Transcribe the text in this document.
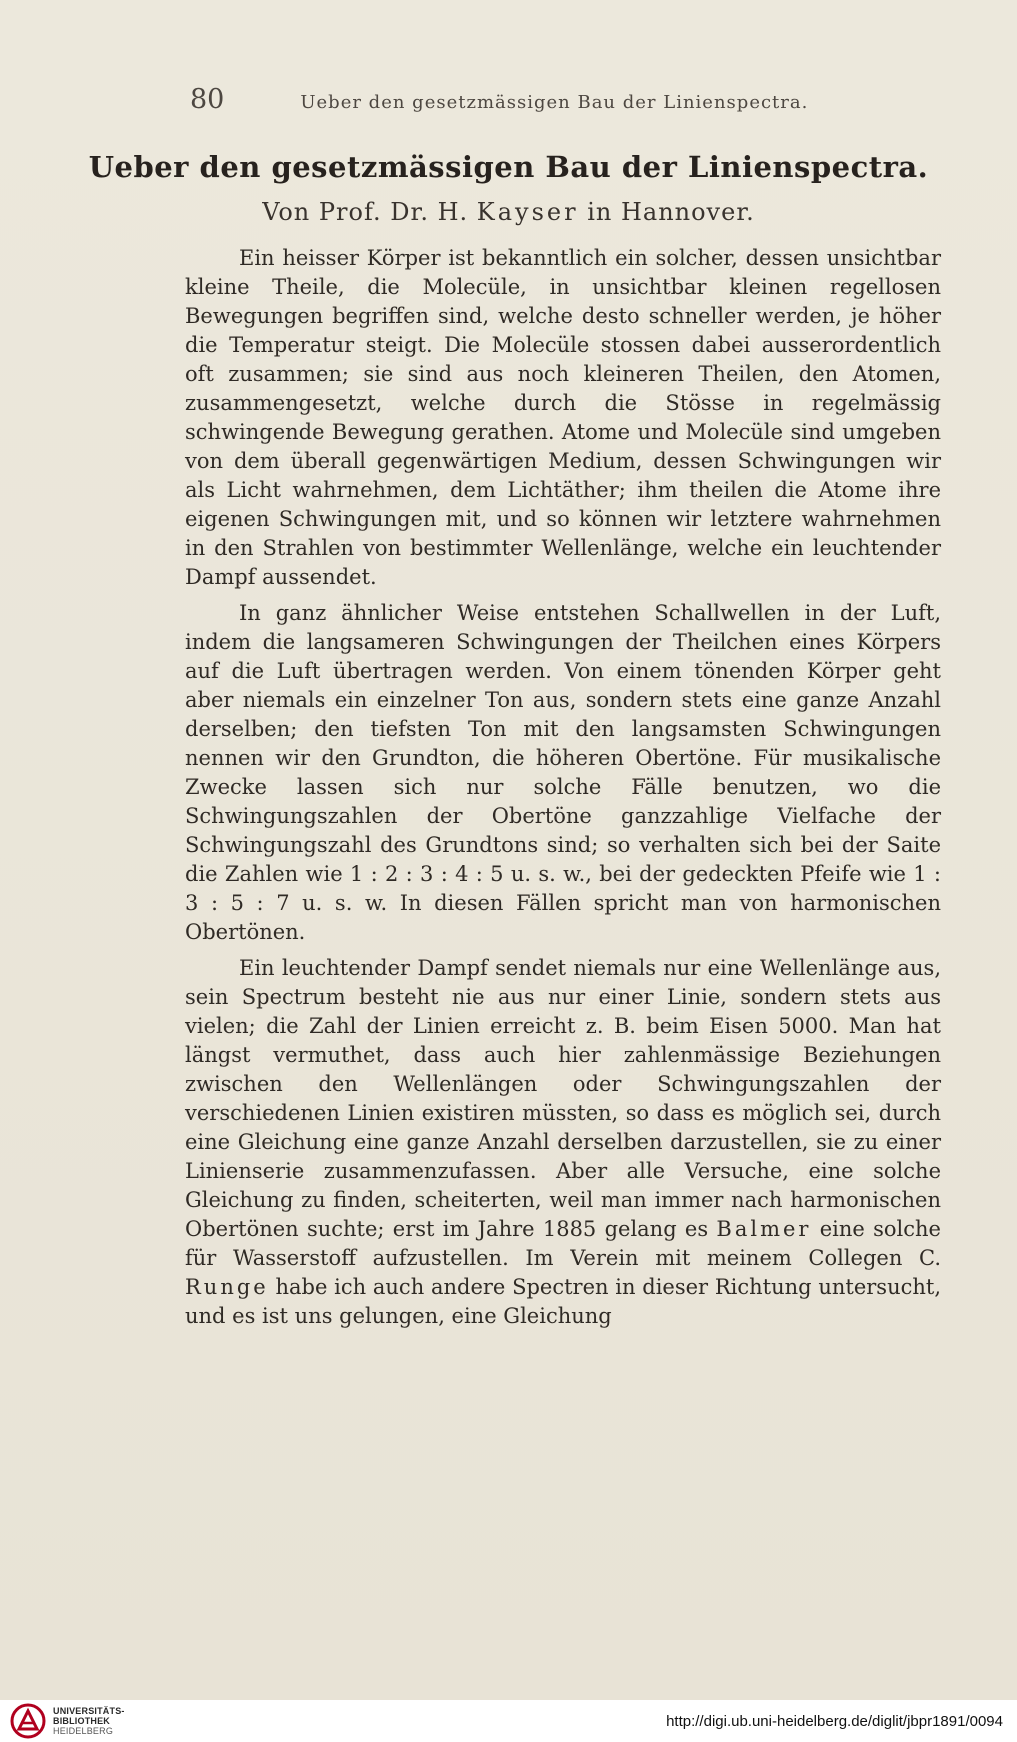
80	Ueber den gesetzmässigen Bau der Linienspectra.
Ueber den gesetzmässigen Bau der Linienspectra.
Von Prof. Dr. H. Kayser in Hannover.

Ein heisser Körper ist bekanntlich ein solcher, dessen unsichtbar kleine Theile, die Molecüle, in unsichtbar kleinen regellosen Bewegungen begriffen sind, welche desto schneller werden, je höher die Temperatur steigt. Die Molecüle stossen dabei ausserordentlich oft zusammen; sie sind aus noch kleineren Theilen, den Atomen, zusammengesetzt, welche durch die Stösse in regelmässig schwingende Bewegung gerathen. Atome und Molecüle sind umgeben von dem überall gegenwärtigen Medium, dessen Schwingungen wir als Licht wahrnehmen, dem Lichtäther; ihm theilen die Atome ihre eigenen Schwingungen mit, und so können wir letztere wahrnehmen in den Strahlen von bestimmter Wellenlänge, welche ein leuchtender Dampf aussendet.

In ganz ähnlicher Weise entstehen Schallwellen in der Luft, indem die langsameren Schwingungen der Theilchen eines Körpers auf die Luft übertragen werden. Von einem tönenden Körper geht aber niemals ein einzelner Ton aus, sondern stets eine ganze Anzahl derselben; den tiefsten Ton mit den langsamsten Schwingungen nennen wir den Grundton, die höheren Obertöne. Für musikalische Zwecke lassen sich nur solche Fälle benutzen, wo die Schwingungszahlen der Obertöne ganzzahlige Vielfache der Schwingungszahl des Grundtons sind; so verhalten sich bei der Saite die Zahlen wie 1 : 2 : 3 : 4 : 5 u. s. w., bei der gedeckten Pfeife wie 1 : 3 : 5 : 7 u. s. w. In diesen Fällen spricht man von harmonischen Obertönen.

Ein leuchtender Dampf sendet niemals nur eine Wellenlänge aus, sein Spectrum besteht nie aus nur einer Linie, sondern stets aus vielen; die Zahl der Linien erreicht z. B. beim Eisen 5000. Man hat längst vermuthet, dass auch hier zahlenmässige Beziehungen zwischen den Wellenlängen oder Schwingungszahlen der verschiedenen Linien existiren müssten, so dass es möglich sei, durch eine Gleichung eine ganze Anzahl derselben darzustellen, sie zu einer Linienserie zusammenzufassen. Aber alle Versuche, eine solche Gleichung zu finden, scheiterten, weil man immer nach harmonischen Obertönen suchte; erst im Jahre 1885 gelang es Balmer eine solche für Wasserstoff aufzustellen. Im Verein mit meinem Collegen C. Runge habe ich auch andere Spectren in dieser Richtung untersucht, und es ist uns gelungen, eine Gleichung

UNIVERSITÄTS-
BIBLIOTHEK
HEIDELBERG
http://digi.ub.uni-heidelberg.de/diglit/jbpr1891/0094
